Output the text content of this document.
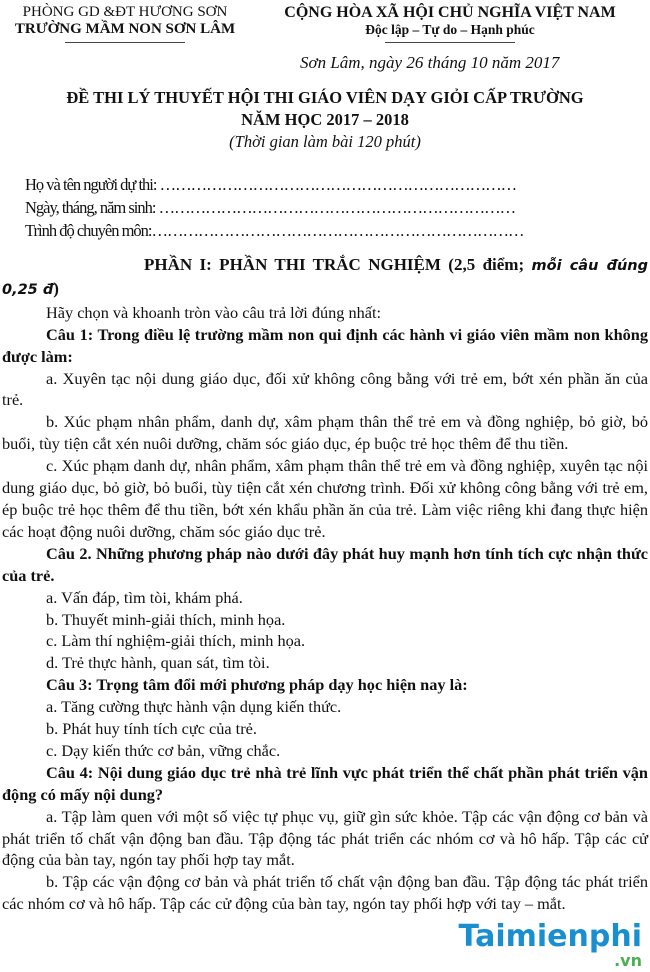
PHÒNG GD &ĐT HƯƠNG SƠN
TRƯỜNG MẦM NON SƠN LÂM
CỘNG HÒA XÃ HỘI CHỦ NGHĨA VIỆT NAM
Độc lập – Tự do – Hạnh phúc
Sơn Lâm, ngày 26 tháng 10 năm 2017
ĐỀ THI LÝ THUYẾT HỘI THI GIÁO VIÊN DẠY GIỎI CẤP TRƯỜNG
NĂM HỌC 2017 – 2018
(Thời gian làm bài 120 phút)
Họ và tên người dự thi: ……………………………………………………………
Ngày, tháng, năm sinh: ……………………………………………………………
Trình độ chuyên môn:………………………………………………………………

PHẦN I: PHẦN THI TRẮC NGHIỆM (2,5 điểm; mỗi câu đúng 0,25 đ)

Hãy chọn và khoanh tròn vào câu trả lời đúng nhất:

Câu 1: Trong điều lệ trường mầm non qui định các hành vi giáo viên mầm non không được làm:

a. Xuyên tạc nội dung giáo dục, đối xử không công bằng với trẻ em, bớt xén phần ăn của trẻ.

b. Xúc phạm nhân phẩm, danh dự, xâm phạm thân thể trẻ em và đồng nghiệp, bỏ giờ, bỏ buổi, tùy tiện cắt xén nuôi dưỡng, chăm sóc giáo dục, ép buộc trẻ học thêm để thu tiền.

c. Xúc phạm danh dự, nhân phẩm, xâm phạm thân thể trẻ em và đồng nghiệp, xuyên tạc nội dung giáo dục, bỏ giờ, bỏ buổi, tùy tiện cắt xén chương trình. Đối xử không công bằng với trẻ em, ép buộc trẻ học thêm để thu tiền, bớt xén khẩu phần ăn của trẻ. Làm việc riêng khi đang thực hiện các hoạt động nuôi dưỡng, chăm sóc giáo dục trẻ.

Câu 2. Những phương pháp nào dưới đây phát huy mạnh hơn tính tích cực nhận thức của trẻ.

a. Vấn đáp, tìm tòi, khám phá.

b. Thuyết minh-giải thích, minh họa.

c. Làm thí nghiệm-giải thích, minh họa.

d. Trẻ thực hành, quan sát, tìm tòi.

Câu 3: Trọng tâm đổi mới phương pháp dạy học hiện nay là:

a. Tăng cường thực hành vận dụng kiến thức.

b. Phát huy tính tích cực của trẻ.

c. Dạy kiến thức cơ bản, vững chắc.

Câu 4: Nội dung giáo dục trẻ nhà trẻ lĩnh vực phát triển thể chất phần phát triển vận động có mấy nội dung?

a. Tập làm quen với một số việc tự phục vụ, giữ gìn sức khỏe. Tập các vận động cơ bản và phát triển tố chất vận động ban đầu. Tập động tác phát triển các nhóm cơ và hô hấp. Tập các cử động của bàn tay, ngón tay phối hợp tay mắt.

b. Tập các vận động cơ bản và phát triển tố chất vận động ban đầu. Tập động tác phát triển các nhóm cơ và hô hấp. Tập các cử động của bàn tay, ngón tay phối hợp với tay – mắt.

Taimienphi
.vn
